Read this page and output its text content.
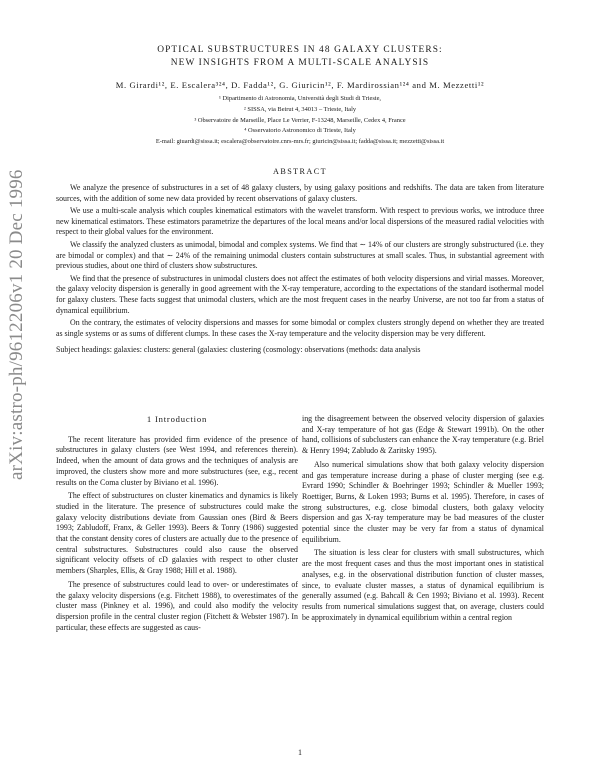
arXiv:astro-ph/9612206v1 20 Dec 1996
OPTICAL SUBSTRUCTURES IN 48 GALAXY CLUSTERS:
NEW INSIGHTS FROM A MULTI-SCALE ANALYSIS
M. Girardi¹², E. Escalera³²⁴, D. Fadda¹², G. Giuricin¹², F. Mardirossian¹²⁴ and M. Mezzetti¹²
¹ Dipartimento di Astronomia, Università degli Studi di Trieste,
² SISSA, via Beirut 4, 34013 – Trieste, Italy
³ Observatoire de Marseille, Place Le Verrier, F-13248, Marseille, Cedex 4, France
⁴ Osservatorio Astronomico di Trieste, Italy
E-mail: giuardi@sissa.it; escalera@observatoire.cnrs-mrs.fr; giuricin@sissa.it; fadda@sissa.it; mezzetti@sissa.it
ABSTRACT

We analyze the presence of substructures in a set of 48 galaxy clusters, by using galaxy positions and redshifts. The data are taken from literature sources, with the addition of some new data provided by recent observations of galaxy clusters.

We use a multi-scale analysis which couples kinematical estimators with the wavelet transform. With respect to previous works, we introduce three new kinematical estimators. These estimators parametrize the departures of the local means and/or local dispersions of the measured radial velocities with respect to their global values for the environment.

We classify the analyzed clusters as unimodal, bimodal and complex systems. We find that ∼ 14% of our clusters are strongly substructured (i.e. they are bimodal or complex) and that ∼ 24% of the remaining unimodal clusters contain substructures at small scales. Thus, in substantial agreement with previous studies, about one third of clusters show substructures.

We find that the presence of substructures in unimodal clusters does not affect the estimates of both velocity dispersions and virial masses. Moreover, the galaxy velocity dispersion is generally in good agreement with the X-ray temperature, according to the expectations of the standard isothermal model for galaxy clusters. These facts suggest that unimodal clusters, which are the most frequent cases in the nearby Universe, are not too far from a status of dynamical equilibrium.

On the contrary, the estimates of velocity dispersions and masses for some bimodal or complex clusters strongly depend on whether they are treated as single systems or as sums of different clumps. In these cases the X-ray temperature and the velocity dispersion may be very different.

Subject headings: galaxies: clusters: general (galaxies: clustering (cosmology: observations (methods: data analysis

1 Introduction

The recent literature has provided firm evidence of the presence of substructures in galaxy clusters (see West 1994, and references therein). Indeed, when the amount of data grows and the techniques of analysis are improved, the clusters show more and more substructures (see, e.g., recent results on the Coma cluster by Biviano et al. 1996).

The effect of substructures on cluster kinematics and dynamics is likely studied in the literature. The presence of substructures could make the galaxy velocity distributions deviate from Gaussian ones (Bird & Beers 1993; Zabludoff, Franx, & Geller 1993). Beers & Tonry (1986) suggested that the constant density cores of clusters are actually due to the presence of central substructures. Substructures could also cause the observed significant velocity offsets of cD galaxies with respect to other cluster members (Sharples, Ellis, & Gray 1988; Hill et al. 1988).

The presence of substructures could lead to over- or underestimates of the galaxy velocity dispersions (e.g. Fitchett 1988), to overestimates of the cluster mass (Pinkney et al. 1996), and could also modify the velocity dispersion profile in the central cluster region (Fitchett & Webster 1987). In particular, these effects are suggested as caus-

ing the disagreement between the observed velocity dispersion of galaxies and X-ray temperature of hot gas (Edge & Stewart 1991b). On the other hand, collisions of subclusters can enhance the X-ray temperature (e.g. Briel & Henry 1994; Zabludo & Zaritsky 1995).

Also numerical simulations show that both galaxy velocity dispersion and gas temperature increase during a phase of cluster merging (see e.g. Evrard 1990; Schindler & Boehringer 1993; Schindler & Mueller 1993; Roettiger, Burns, & Loken 1993; Burns et al. 1995). Therefore, in cases of strong substructures, e.g. close bimodal clusters, both galaxy velocity dispersion and gas X-ray temperature may be bad measures of the cluster potential since the cluster may be very far from a status of dynamical equilibrium.

The situation is less clear for clusters with small substructures, which are the most frequent cases and thus the most important ones in statistical analyses, e.g. in the observational distribution function of cluster masses, since, to evaluate cluster masses, a status of dynamical equilibrium is generally assumed (e.g. Bahcall & Cen 1993; Biviano et al. 1993). Recent results from numerical simulations suggest that, on average, clusters could be approximately in dynamical equilibrium within a central region

1
